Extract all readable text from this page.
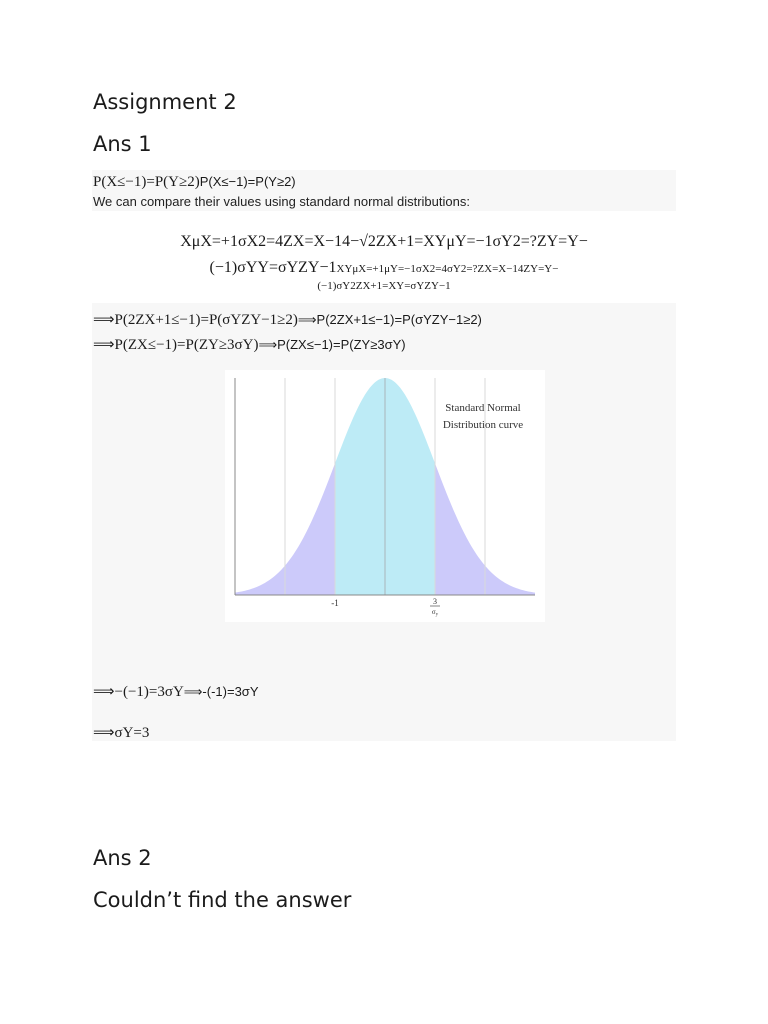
Assignment 2
Ans 1
P(X≤−1)=P(Y≥2)P(X≤−1)=P(Y≥2)
We can compare their values using standard normal distributions:
XμX=+1σX2=4ZX=X−14−√2ZX+1=XYμY=−1σY2=?ZY=Y−
(−1)σYY=σYZY−1XYμX=+1μY=−1σX2=4σY2=?ZX=X−14ZY=Y−
(−1)σY2ZX+1=XY=σYZY−1
⟹P(2ZX+1≤−1)=P(σYZY−1≥2)⟹P(2ZX+1≤−1)=P(σYZY−1≥2)
⟹P(ZX≤−1)=P(ZY≥3σY)⟹P(ZX≤−1)=P(ZY≥3σY)
-1	3
$\sigma_y$
Standard Normal
Distribution curve
⟹−(−1)=3σY⟹-(-1)=3σY
⟹σY=3
Ans 2
Couldn’t find the answer
